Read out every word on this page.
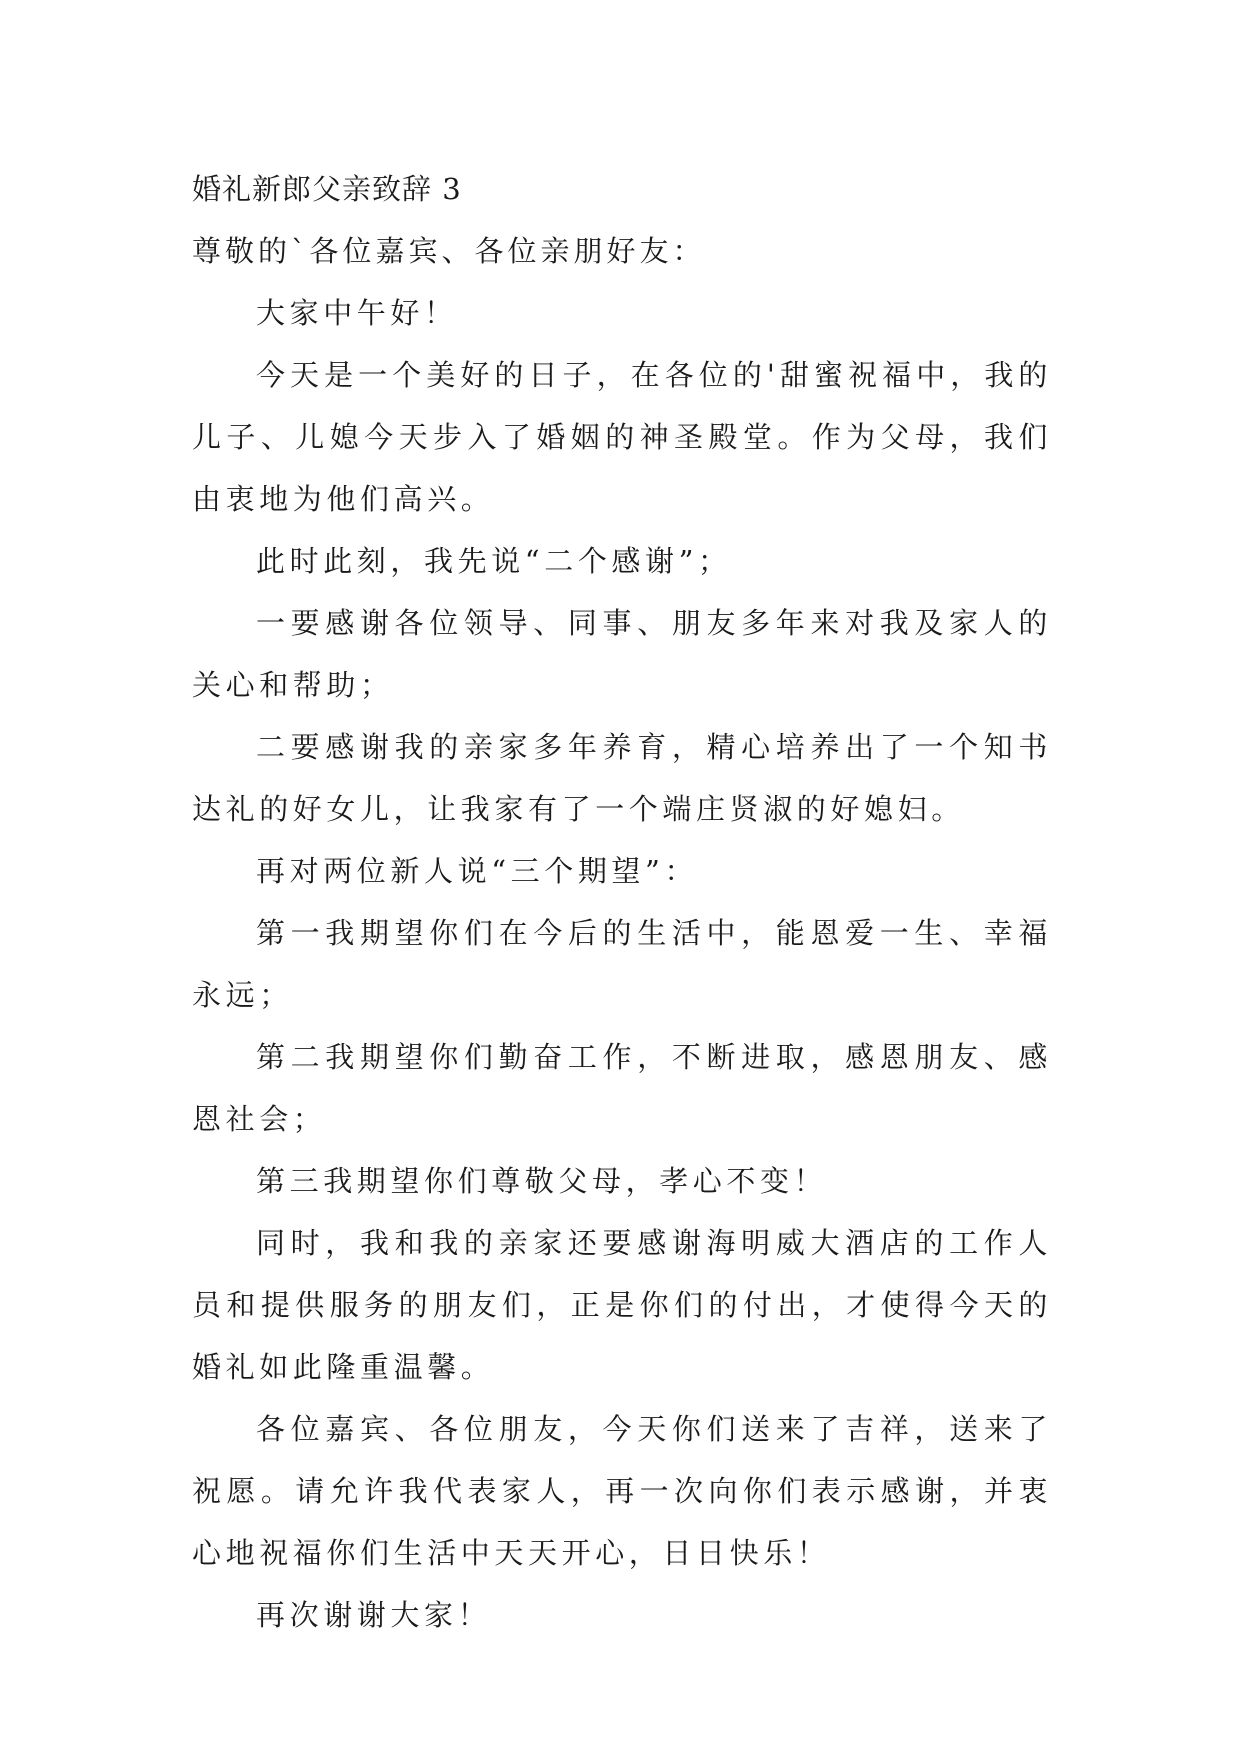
婚礼新郎父亲致辞 3

尊敬的`各位嘉宾、各位亲朋好友：

大家中午好！

今天是一个美好的日子，在各位的'甜蜜祝福中，我的儿子、儿媳今天步入了婚姻的神圣殿堂。作为父母，我们由衷地为他们高兴。

此时此刻，我先说“二个感谢”；

一要感谢各位领导、同事、朋友多年来对我及家人的关心和帮助；

二要感谢我的亲家多年养育，精心培养出了一个知书达礼的好女儿，让我家有了一个端庄贤淑的好媳妇。

再对两位新人说“三个期望”：

第一我期望你们在今后的生活中，能恩爱一生、幸福永远；

第二我期望你们勤奋工作，不断进取，感恩朋友、感恩社会；

第三我期望你们尊敬父母，孝心不变！

同时，我和我的亲家还要感谢海明威大酒店的工作人员和提供服务的朋友们，正是你们的付出，才使得今天的婚礼如此隆重温馨。

各位嘉宾、各位朋友，今天你们送来了吉祥，送来了祝愿。请允许我代表家人，再一次向你们表示感谢，并衷心地祝福你们生活中天天开心，日日快乐！

再次谢谢大家！
